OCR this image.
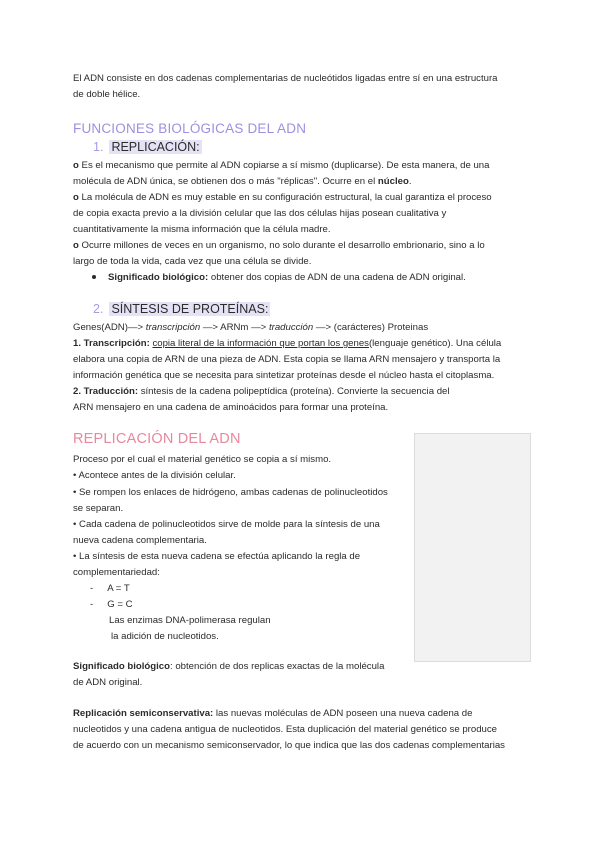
El ADN consiste en dos cadenas complementarias de nucleótidos ligadas entre sí en una estructura

de doble hélice.

FUNCIONES BIOLÓGICAS DEL ADN
1. REPLICACIÓN:

o Es el mecanismo que permite al ADN copiarse a sí mismo (duplicarse). De esta manera, de una

molécula de ADN única, se obtienen dos o más "réplicas". Ocurre en el núcleo.

o La molécula de ADN es muy estable en su configuración estructural, la cual garantiza el proceso

de copia exacta previo a la división celular que las dos células hijas posean cualitativa y

cuantitativamente la misma información que la célula madre.

o Ocurre millones de veces en un organismo, no solo durante el desarrollo embrionario, sino a lo

largo de toda la vida, cada vez que una célula se divide.

Significado biológico: obtener dos copias de ADN de una cadena de ADN original.

2. SÍNTESIS DE PROTEÍNAS:

Genes(ADN)—> transcripción —> ARNm —> traducción —> (carácteres) Proteinas

1. Transcripción: copia literal de la información que portan los genes(lenguaje genético). Una célula

elabora una copia de ARN de una pieza de ADN. Esta copia se llama ARN mensajero y transporta la

información genética que se necesita para sintetizar proteínas desde el núcleo hasta el citoplasma.

2. Traducción: síntesis de la cadena polipeptídica (proteína). Convierte la secuencia del

ARN mensajero en una cadena de aminoácidos para formar una proteína.

REPLICACIÓN DEL ADN

Proceso por el cual el material genético se copia a sí mismo.

• Acontece antes de la división celular.

• Se rompen los enlaces de hidrógeno, ambas cadenas de polinucleotidos

se separan.

• Cada cadena de polinucleotidos sirve de molde para la síntesis de una

nueva cadena complementaria.

• La síntesis de esta nueva cadena se efectúa aplicando la regla de

complementariedad:

- A = T

- G = C

Las enzimas DNA-polimerasa regulan

la adición de nucleotidos.

Significado biológico: obtención de dos replicas exactas de la molécula

de ADN original.

Replicación semiconservativa: las nuevas moléculas de ADN poseen una nueva cadena de

nucleotidos y una cadena antigua de nucleotidos. Esta duplicación del material genético se produce

de acuerdo con un mecanismo semiconservador, lo que indica que las dos cadenas complementarias
